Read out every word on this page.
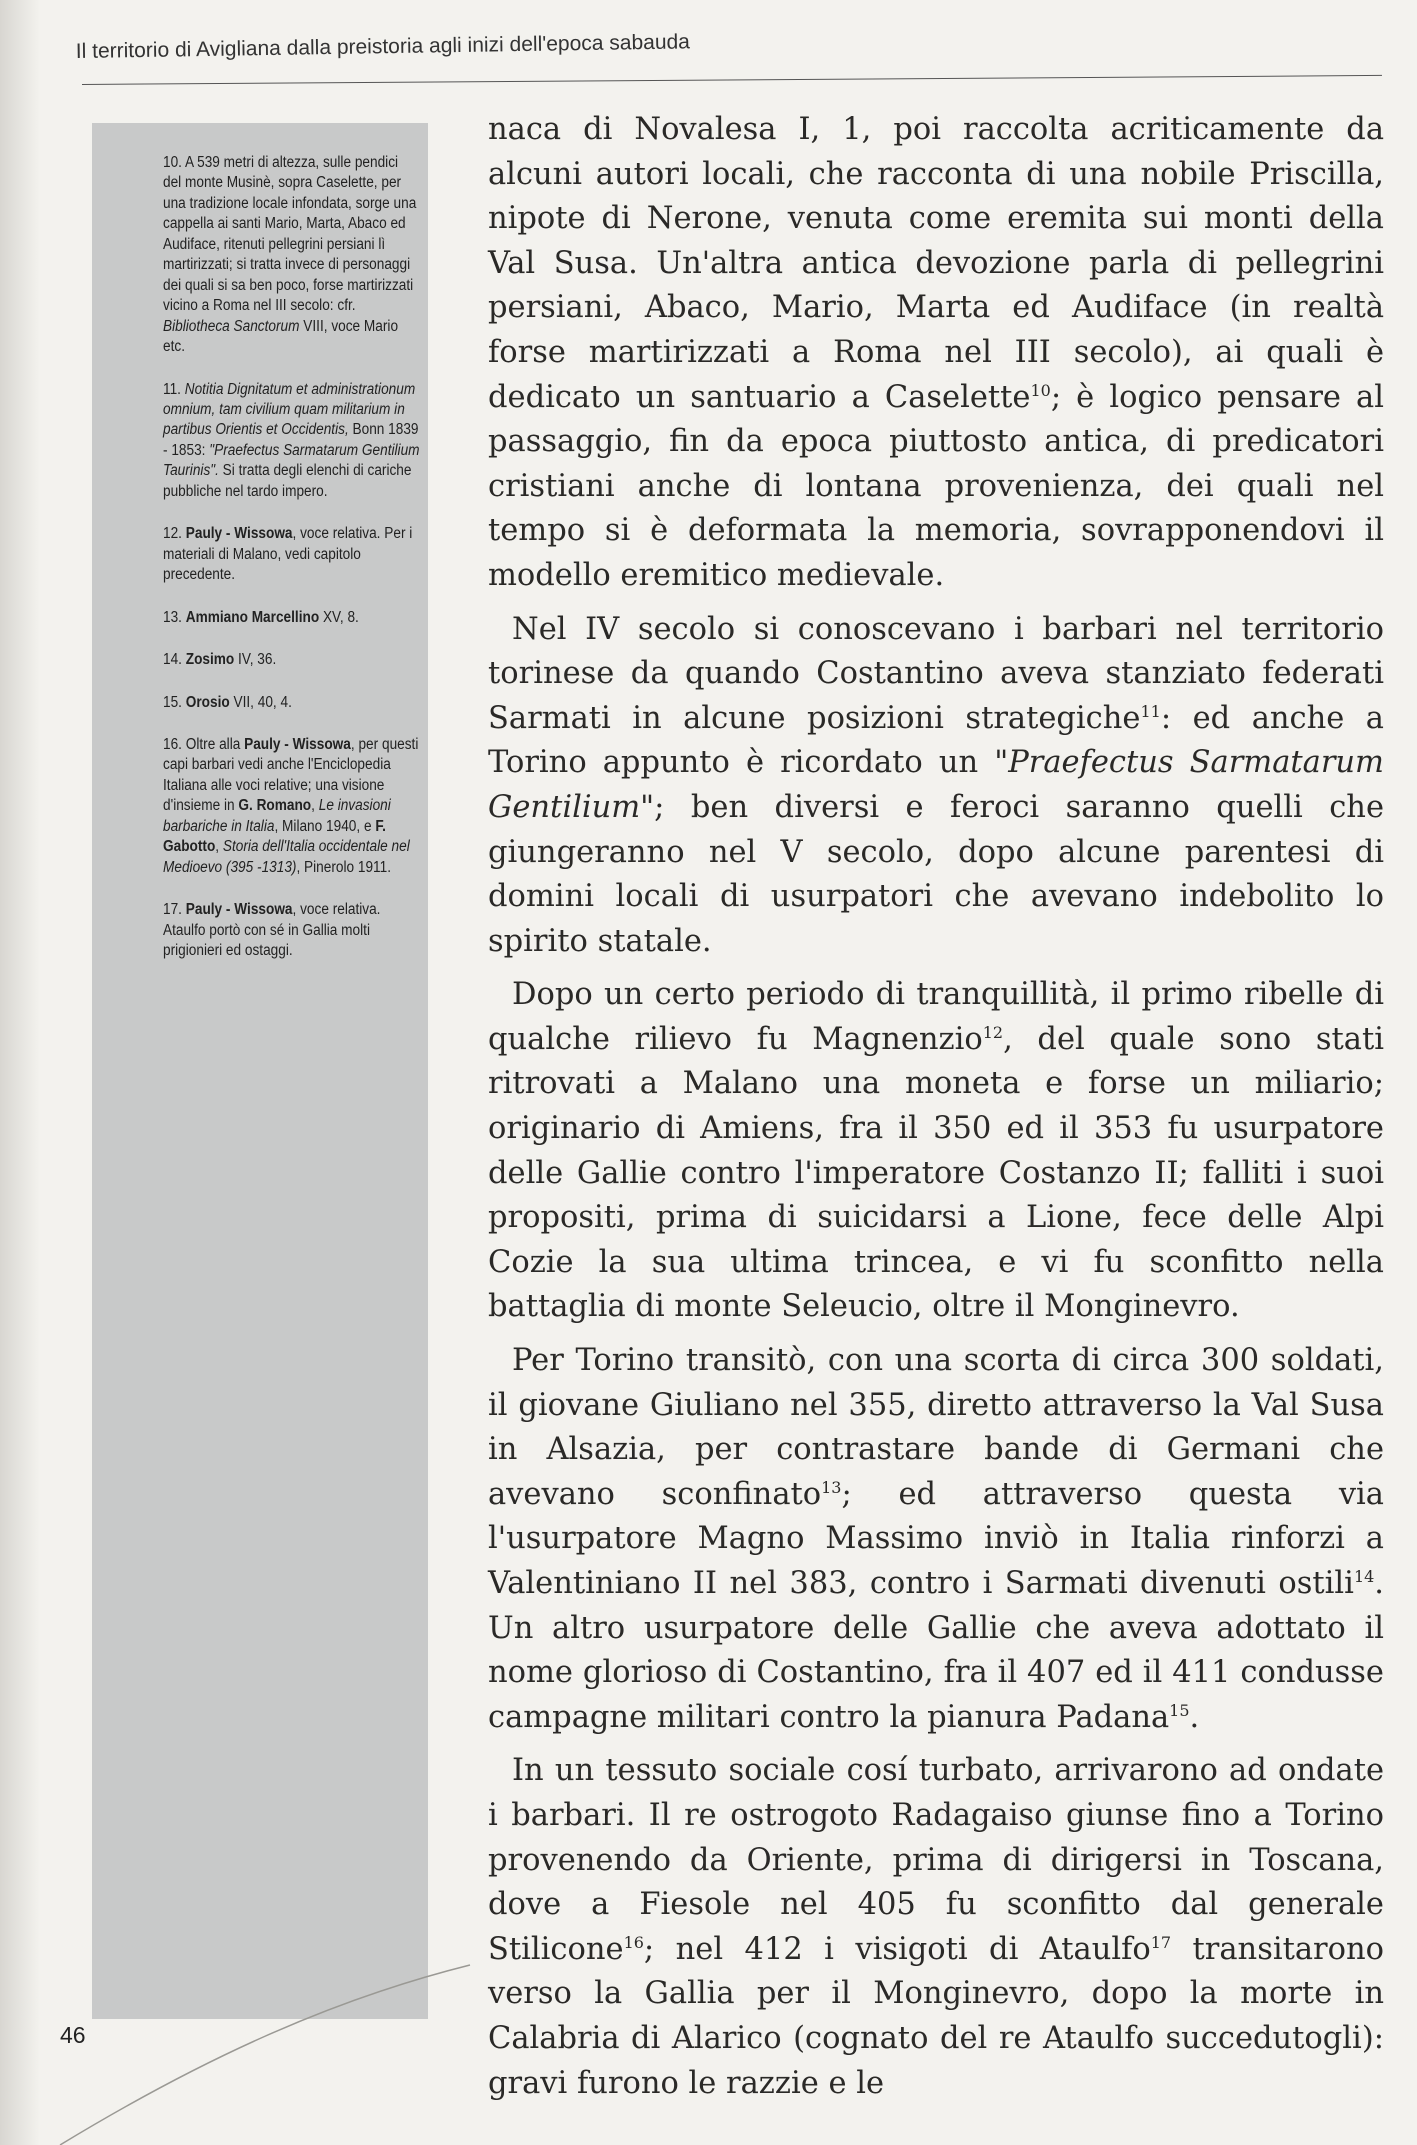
Il territorio di Avigliana dalla preistoria agli inizi dell'epoca sabauda

10. A 539 metri di altezza, sulle pendici del monte Musinè, sopra Caselette, per una tradizione locale infondata, sorge una cappella ai santi Mario, Marta, Abaco ed Audiface, ritenuti pellegrini persiani lì martirizzati; si tratta invece di personaggi dei quali si sa ben poco, forse martirizzati vicino a Roma nel III secolo: cfr. Bibliotheca Sanctorum VIII, voce Mario etc.

11. Notitia Dignitatum et administrationum omnium, tam civilium quam militarium in partibus Orientis et Occidentis, Bonn 1839 - 1853: "Praefectus Sarmatarum Gentilium Taurinis". Si tratta degli elenchi di cariche pubbliche nel tardo impero.

12. Pauly - Wissowa, voce relativa. Per i materiali di Malano, vedi capitolo precedente.

13. Ammiano Marcellino XV, 8.

14. Zosimo IV, 36.

15. Orosio VII, 40, 4.

16. Oltre alla Pauly - Wissowa, per questi capi barbari vedi anche l'Enciclopedia Italiana alle voci relative; una visione d'insieme in G. Romano, Le invasioni barbariche in Italia, Milano 1940, e F. Gabotto, Storia dell'Italia occidentale nel Medioevo (395 -1313), Pinerolo 1911.

17. Pauly - Wissowa, voce relativa. Ataulfo portò con sé in Gallia molti prigionieri ed ostaggi.

naca di Novalesa I, 1, poi raccolta acriticamente da alcuni autori locali, che racconta di una nobile Priscilla, nipote di Nerone, venuta come eremita sui monti della Val Susa. Un'altra antica devozione parla di pellegrini persiani, Abaco, Mario, Marta ed Audiface (in realtà forse martirizzati a Roma nel III secolo), ai quali è dedicato un santuario a Caselette$^{10}$; è logico pensare al passaggio, fin da epoca piuttosto antica, di predicatori cristiani anche di lontana provenienza, dei quali nel tempo si è deformata la memoria, sovrapponendovi il modello eremitico medievale.

Nel IV secolo si conoscevano i barbari nel territorio torinese da quando Costantino aveva stanziato federati Sarmati in alcune posizioni strategiche$^{11}$: ed anche a Torino appunto è ricordato un "Praefectus Sarmatarum Gentilium"; ben diversi e feroci saranno quelli che giungeranno nel V secolo, dopo alcune parentesi di domini locali di usurpatori che avevano indebolito lo spirito statale.

Dopo un certo periodo di tranquillità, il primo ribelle di qualche rilievo fu Magnenzio$^{12}$, del quale sono stati ritrovati a Malano una moneta e forse un miliario; originario di Amiens, fra il 350 ed il 353 fu usurpatore delle Gallie contro l'imperatore Costanzo II; falliti i suoi propositi, prima di suicidarsi a Lione, fece delle Alpi Cozie la sua ultima trincea, e vi fu sconfitto nella battaglia di monte Seleucio, oltre il Monginevro.

Per Torino transitò, con una scorta di circa 300 soldati, il giovane Giuliano nel 355, diretto attraverso la Val Susa in Alsazia, per contrastare bande di Germani che avevano sconfinato$^{13}$; ed attraverso questa via l'usurpatore Magno Massimo inviò in Italia rinforzi a Valentiniano II nel 383, contro i Sarmati divenuti ostili$^{14}$. Un altro usurpatore delle Gallie che aveva adottato il nome glorioso di Costantino, fra il 407 ed il 411 condusse campagne militari contro la pianura Padana$^{15}$.

In un tessuto sociale cosí turbato, arrivarono ad ondate i barbari. Il re ostrogoto Radagaiso giunse fino a Torino provenendo da Oriente, prima di dirigersi in Toscana, dove a Fiesole nel 405 fu sconfitto dal generale Stilicone$^{16}$; nel 412 i visigoti di Ataulfo$^{17}$ transitarono verso la Gallia per il Monginevro, dopo la morte in Calabria di Alarico (cognato del re Ataulfo succedutogli): gravi furono le razzie e le

46
